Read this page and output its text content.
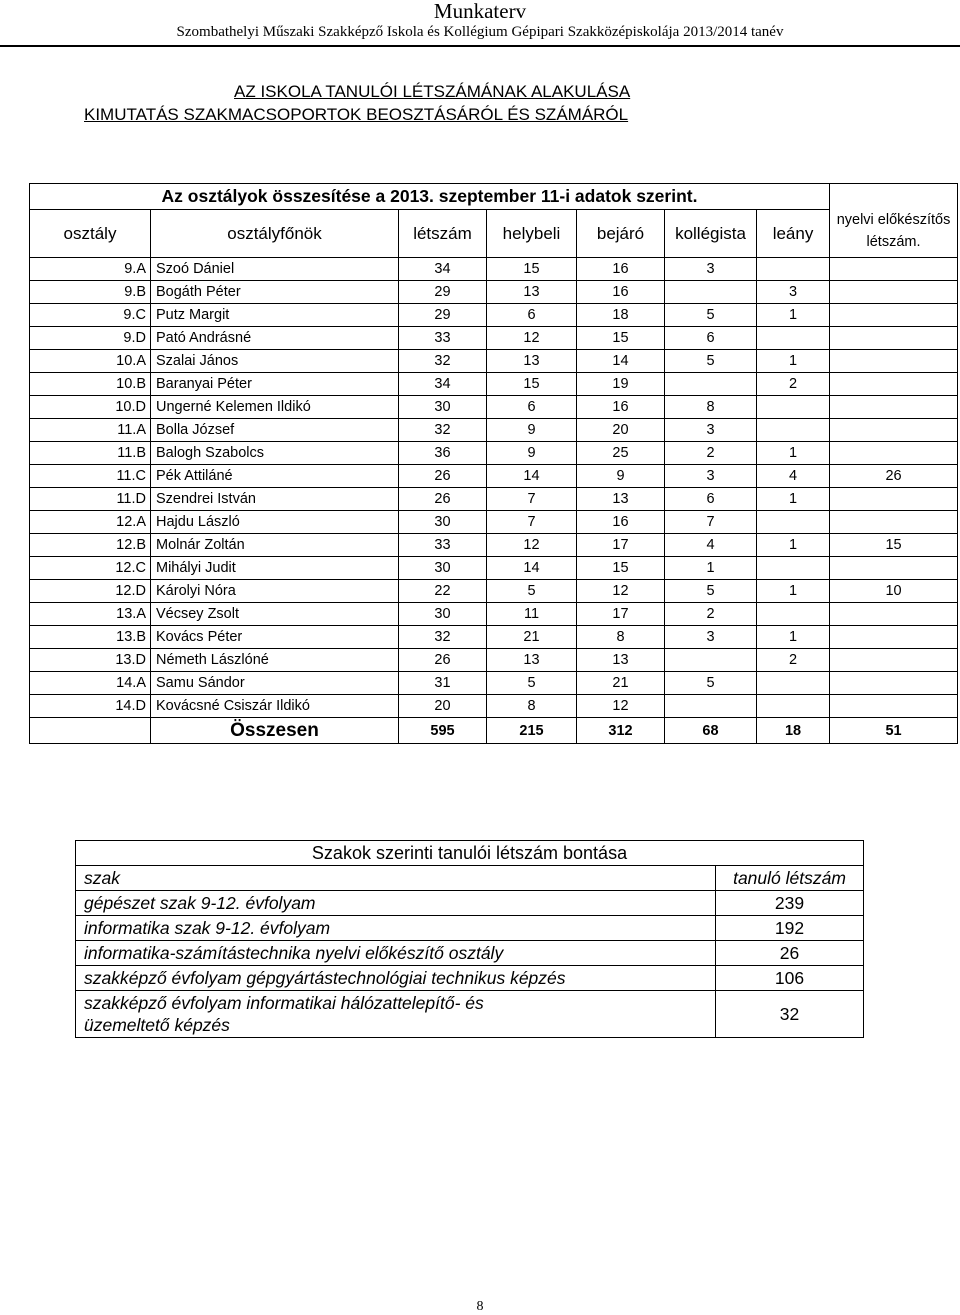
Munkaterv
Szombathelyi Műszaki Szakképző Iskola és Kollégium Gépipari Szakközépiskolája 2013/2014 tanév
AZ ISKOLA TANULÓI LÉTSZÁMÁNAK ALAKULÁSA
KIMUTATÁS SZAKMACSOPORTOK BEOSZTÁSÁRÓL ÉS SZÁMÁRÓL
Az osztályok összesítése a 2013. szeptember 11-i adatok szerint.							nyelvi előkészítős létszám.
osztály	osztályfőnök	létszám	helybeli	bejáró	kollégista	leány	
9.A	Szoó Dániel	34	15	16	3		
9.B	Bogáth Péter	29	13	16		3	
9.C	Putz Margit	29	6	18	5	1	
9.D	Pató Andrásné	33	12	15	6		
10.A	Szalai János	32	13	14	5	1	
10.B	Baranyai Péter	34	15	19		2	
10.D	Ungerné Kelemen Ildikó	30	6	16	8		
11.A	Bolla József	32	9	20	3		
11.B	Balogh Szabolcs	36	9	25	2	1	
11.C	Pék Attiláné	26	14	9	3	4	26
11.D	Szendrei István	26	7	13	6	1	
12.A	Hajdu László	30	7	16	7		
12.B	Molnár Zoltán	33	12	17	4	1	15
12.C	Mihályi Judit	30	14	15	1		
12.D	Károlyi Nóra	22	5	12	5	1	10
13.A	Vécsey Zsolt	30	11	17	2		
13.B	Kovács Péter	32	21	8	3	1	
13.D	Németh Lászlóné	26	13	13		2	
14.A	Samu Sándor	31	5	21	5		
14.D	Kovácsné Csiszár Ildikó	20	8	12			
	Összesen	595	215	312	68	18	51
Szakok szerinti tanulói létszám bontása	
szak	tanuló létszám
gépészet szak 9-12. évfolyam	239
informatika szak 9-12. évfolyam	192
informatika-számítástechnika nyelvi előkészítő osztály	26
szakképző évfolyam gépgyártástechnológiai technikus képzés	106
szakképző évfolyam informatikai hálózattelepítő- és üzemeltető képzés	32
8
